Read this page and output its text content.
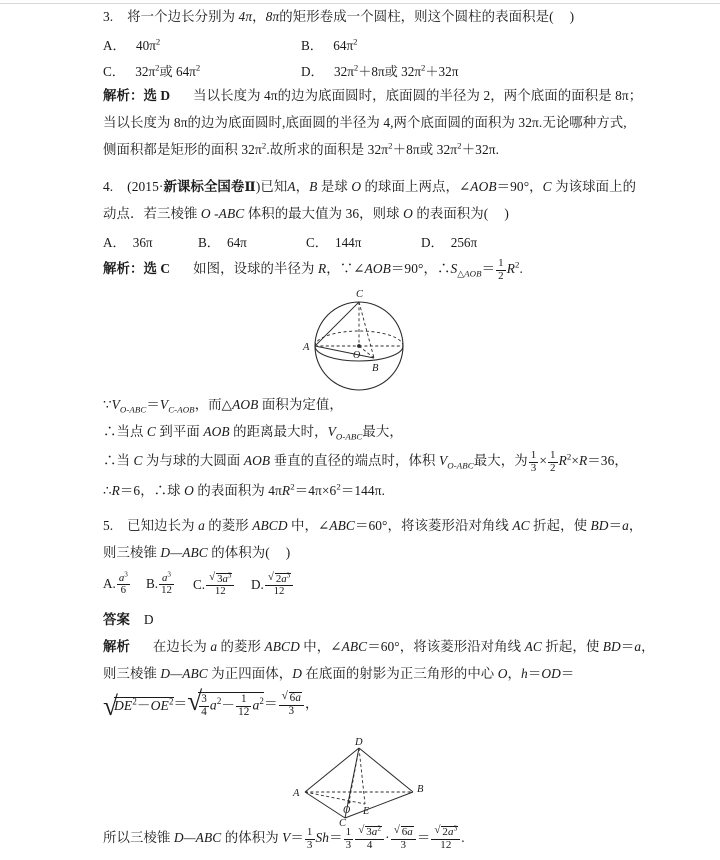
3. 将一个边长分别为 4π，8π的矩形卷成一个圆柱，则这个圆柱的表面积是( )
A． $40\pi^2$	B． $64\pi^2$
C． $32\pi^2$或 $64\pi^2$	D． $32\pi^2+8\pi$或 $32\pi^2+32\pi$
解析：选 D 当以长度为 4π的边为底面圆时，底面圆的半径为 2，两个底面的面积是 8π；
当以长度为 8π的边为底面圆时,底面圆的半径为 4,两个底面圆的面积为 32π.无论哪种方式,
侧面积都是矩形的面积 $32\pi^2$.故所求的面积是 $32\pi^2+8\pi$或 $32\pi^2+32\pi$.
4. (2015·新课标全国卷Ⅱ)已知A，B 是球 O 的球面上两点，∠AOB＝90°，C 为该球面上的
动点．若三棱锥 O -ABC 体积的最大值为 36，则球 O 的表面积为( )
A． 36π	B． 64π	C． 144π	D． 256π
解析：选 C 如图，设球的半径为 R，∵∠AOB＝90°，$\therefore S_{\triangle AOB}= \frac{1}{2} R^2$.
C
A
O
B
$\because V_{O-ABC}=V_{C-AOB}$，而△AOB 面积为定值，
∴当点 C 到平面 AOB 的距离最大时，$V_{O-ABC}$最大，
∴当 C 为与球的大圆面 AOB 垂直的直径的端点时，体积 $V_{O-ABC}$最大，为 $\frac{1}{3} \times \frac{1}{2} R^2\times R=36$，
∴R＝6，∴球 O 的表面积为 $4\pi R^2=4\pi\times 6^2=144\pi$.
5. 已知边长为 a 的菱形 ABCD 中，∠ABC＝60°，将该菱形沿对角线 AC 折起，使 BD＝a，
则三棱锥 D—ABC 的体积为( )
A. $\frac{a^3}{6} B$. $\frac{a^3}{12} C$. √ $\frac{3a^3}{12} D$. √ $\frac{2a^3}{12}$
答案 D
解析 在边长为 a 的菱形 ABCD 中，∠ABC＝60°，将该菱形沿对角线 AC 折起，使 BD＝a，
则三棱锥 D—ABC 为正四面体，D 在底面的射影为正三角形的中心 O，h＝OD＝
√ $DE^2-OE^2=$ √ $\frac{3}{4} a^2- \frac{1}{12} a^2=$ √ $\frac{6a}{3}$ ，
D
A	B
O E
C
所以三棱锥 D—ABC 的体积为 $V= \frac{1}{3} Sh= \frac{1}{3}$ √ $\frac{3a^2}{4}$ · √ $\frac{6a}{3}$ ＝ √ $\frac{2a^3}{12}$ .
